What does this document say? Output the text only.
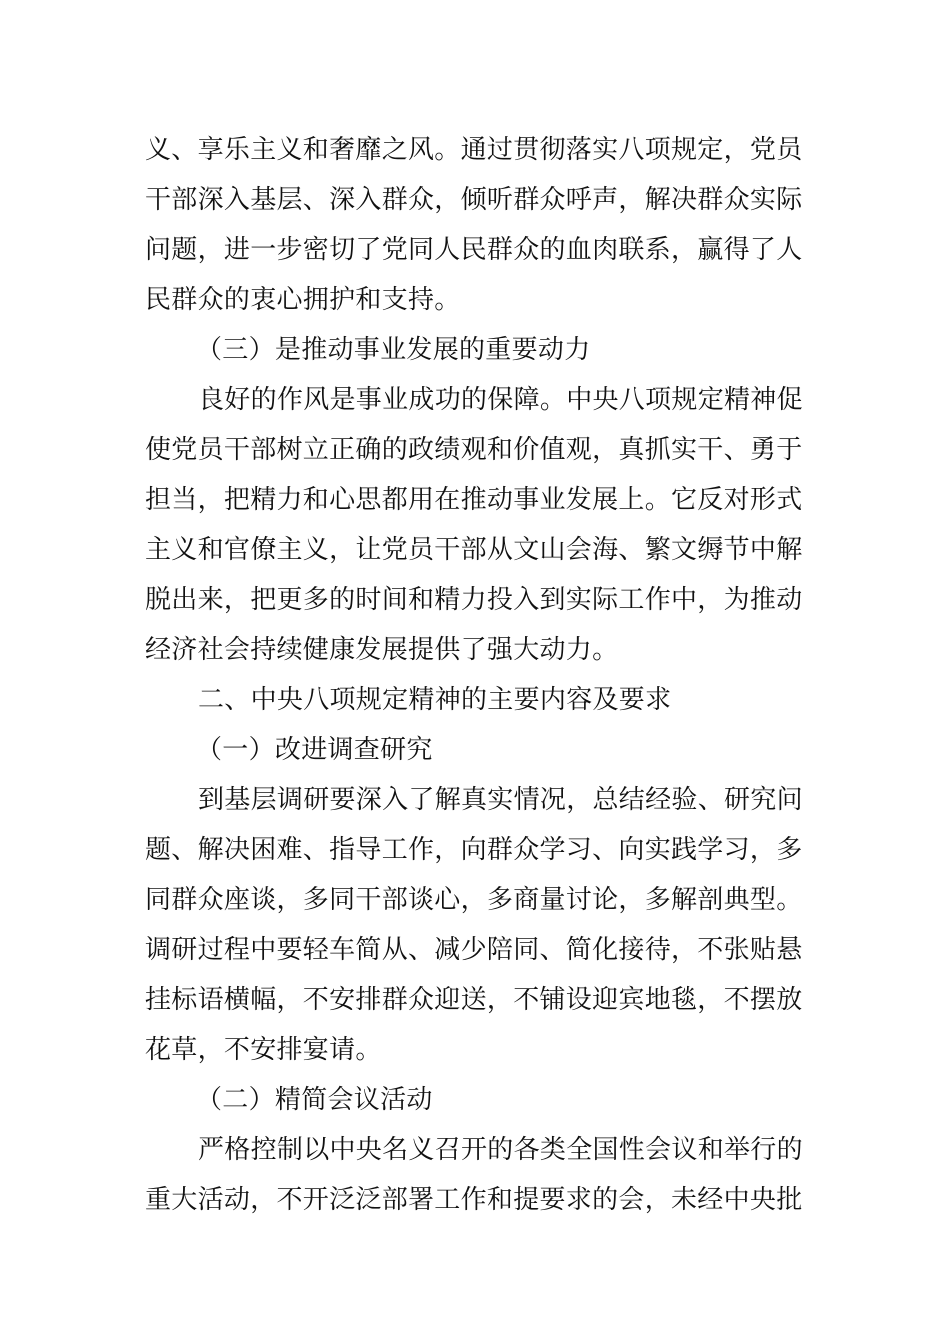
义、享乐主义和奢靡之风。通过贯彻落实八项规定，党员
干部深入基层、深入群众，倾听群众呼声，解决群众实际
问题，进一步密切了党同人民群众的血肉联系，赢得了人
民群众的衷心拥护和支持。
（三）是推动事业发展的重要动力
良好的作风是事业成功的保障。中央八项规定精神促
使党员干部树立正确的政绩观和价值观，真抓实干、勇于
担当，把精力和心思都用在推动事业发展上。它反对形式
主义和官僚主义，让党员干部从文山会海、繁文缛节中解
脱出来，把更多的时间和精力投入到实际工作中，为推动
经济社会持续健康发展提供了强大动力。
二、中央八项规定精神的主要内容及要求
（一）改进调查研究
到基层调研要深入了解真实情况，总结经验、研究问
题、解决困难、指导工作，向群众学习、向实践学习，多
同群众座谈，多同干部谈心，多商量讨论，多解剖典型。
调研过程中要轻车简从、减少陪同、简化接待，不张贴悬
挂标语横幅，不安排群众迎送，不铺设迎宾地毯，不摆放
花草，不安排宴请。
（二）精简会议活动
严格控制以中央名义召开的各类全国性会议和举行的
重大活动，不开泛泛部署工作和提要求的会，未经中央批
